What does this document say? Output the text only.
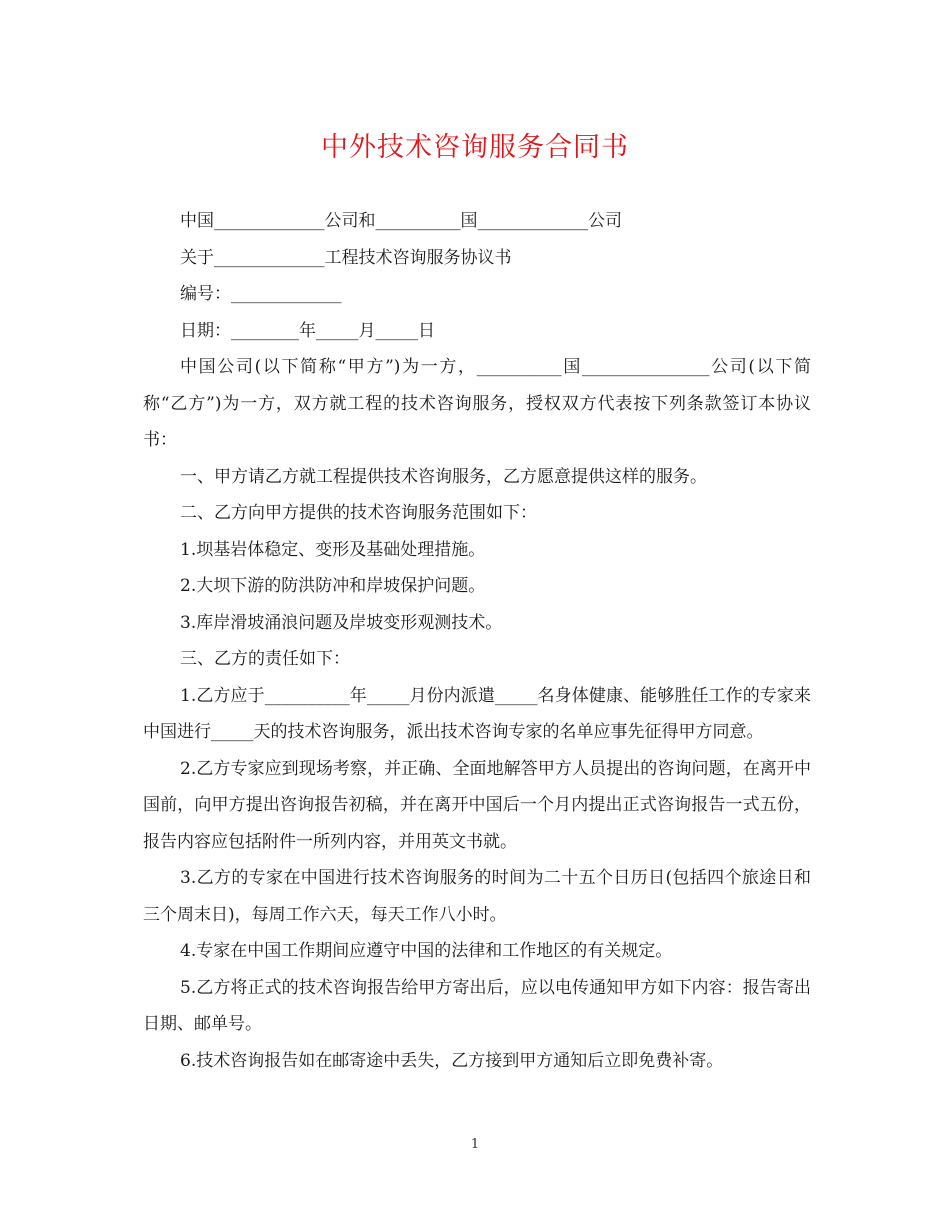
中外技术咨询服务合同书

中国_____________公司和__________国_____________公司

关于_____________工程技术咨询服务协议书

编号：_____________

日期：________年_____月_____日

中国公司(以下简称“甲方”)为一方，__________国_______________公司(以下简称“乙方”)为一方，双方就工程的技术咨询服务，授权双方代表按下列条款签订本协议书：

一、甲方请乙方就工程提供技术咨询服务，乙方愿意提供这样的服务。

二、乙方向甲方提供的技术咨询服务范围如下：

1.坝基岩体稳定、变形及基础处理措施。

2.大坝下游的防洪防冲和岸坡保护问题。

3.库岸滑坡涌浪问题及岸坡变形观测技术。

三、乙方的责任如下：

1.乙方应于__________年_____月份内派遣_____名身体健康、能够胜任工作的专家来中国进行_____天的技术咨询服务，派出技术咨询专家的名单应事先征得甲方同意。

2.乙方专家应到现场考察，并正确、全面地解答甲方人员提出的咨询问题，在离开中国前，向甲方提出咨询报告初稿，并在离开中国后一个月内提出正式咨询报告一式五份，报告内容应包括附件一所列内容，并用英文书就。

3.乙方的专家在中国进行技术咨询服务的时间为二十五个日历日(包括四个旅途日和三个周末日)，每周工作六天，每天工作八小时。

4.专家在中国工作期间应遵守中国的法律和工作地区的有关规定。

5.乙方将正式的技术咨询报告给甲方寄出后，应以电传通知甲方如下内容：报告寄出日期、邮单号。

6.技术咨询报告如在邮寄途中丢失，乙方接到甲方通知后立即免费补寄。

1
